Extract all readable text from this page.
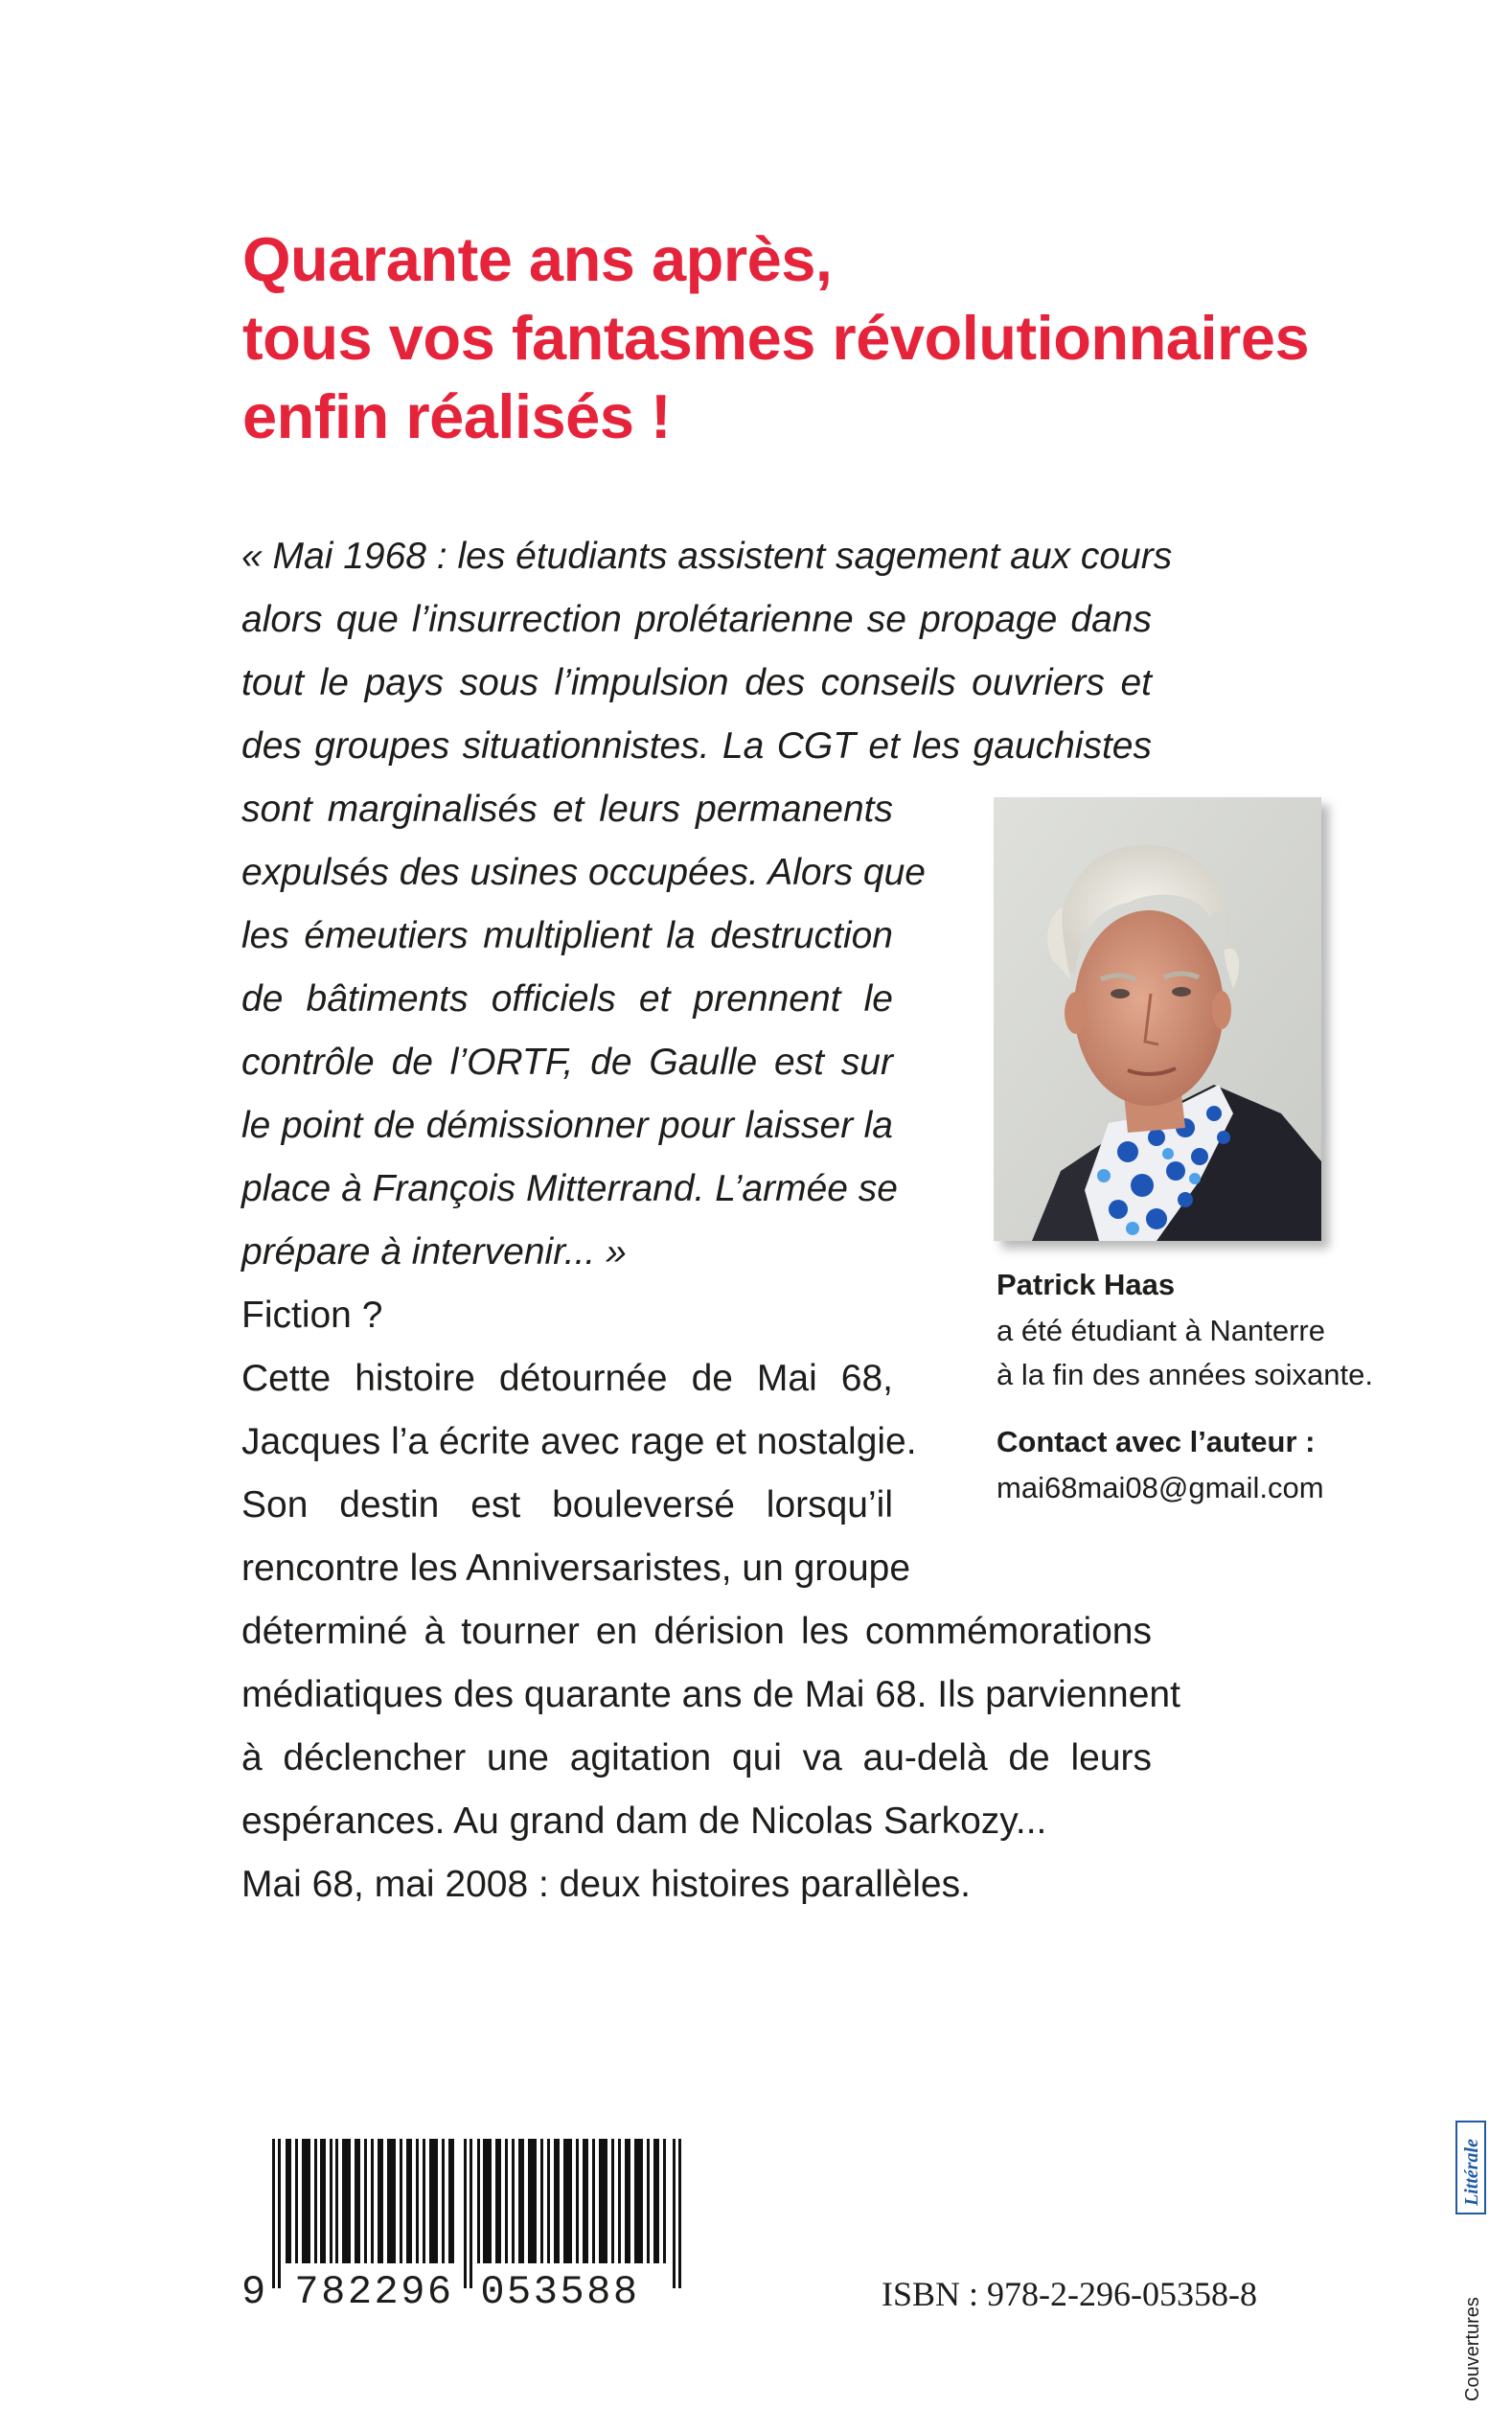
Quarante ans après,
tous vos fantasmes révolutionnaires
enfin réalisés !
« Mai 1968 : les étudiants assistent sagement aux cours
alors que l’insurrection prolétarienne se propage dans
tout le pays sous l’impulsion des conseils ouvriers et
des groupes situationnistes. La CGT et les gauchistes
sont marginalisés et leurs permanents
expulsés des usines occupées. Alors que
les émeutiers multiplient la destruction
de bâtiments officiels et prennent le
contrôle de l’ORTF, de Gaulle est sur
le point de démissionner pour laisser la
place à François Mitterrand. L’armée se
prépare à intervenir... »
Fiction ?
Cette histoire détournée de Mai 68,
Jacques l’a écrite avec rage et nostalgie.
Son destin est bouleversé lorsqu’il
rencontre les Anniversaristes, un groupe
déterminé à tourner en dérision les commémorations
médiatiques des quarante ans de Mai 68. Ils parviennent
à déclencher une agitation qui va au-delà de leurs
espérances. Au grand dam de Nicolas Sarkozy...
Mai 68, mai 2008 : deux histoires parallèles.
Patrick Haas
a été étudiant à Nanterre
à la fin des années soixante.
Contact avec l’auteur :
mai68mai08@gmail.com
9 782296 053588	ISBN : 978-2-296-05358-8
Littérale
Couvertures
